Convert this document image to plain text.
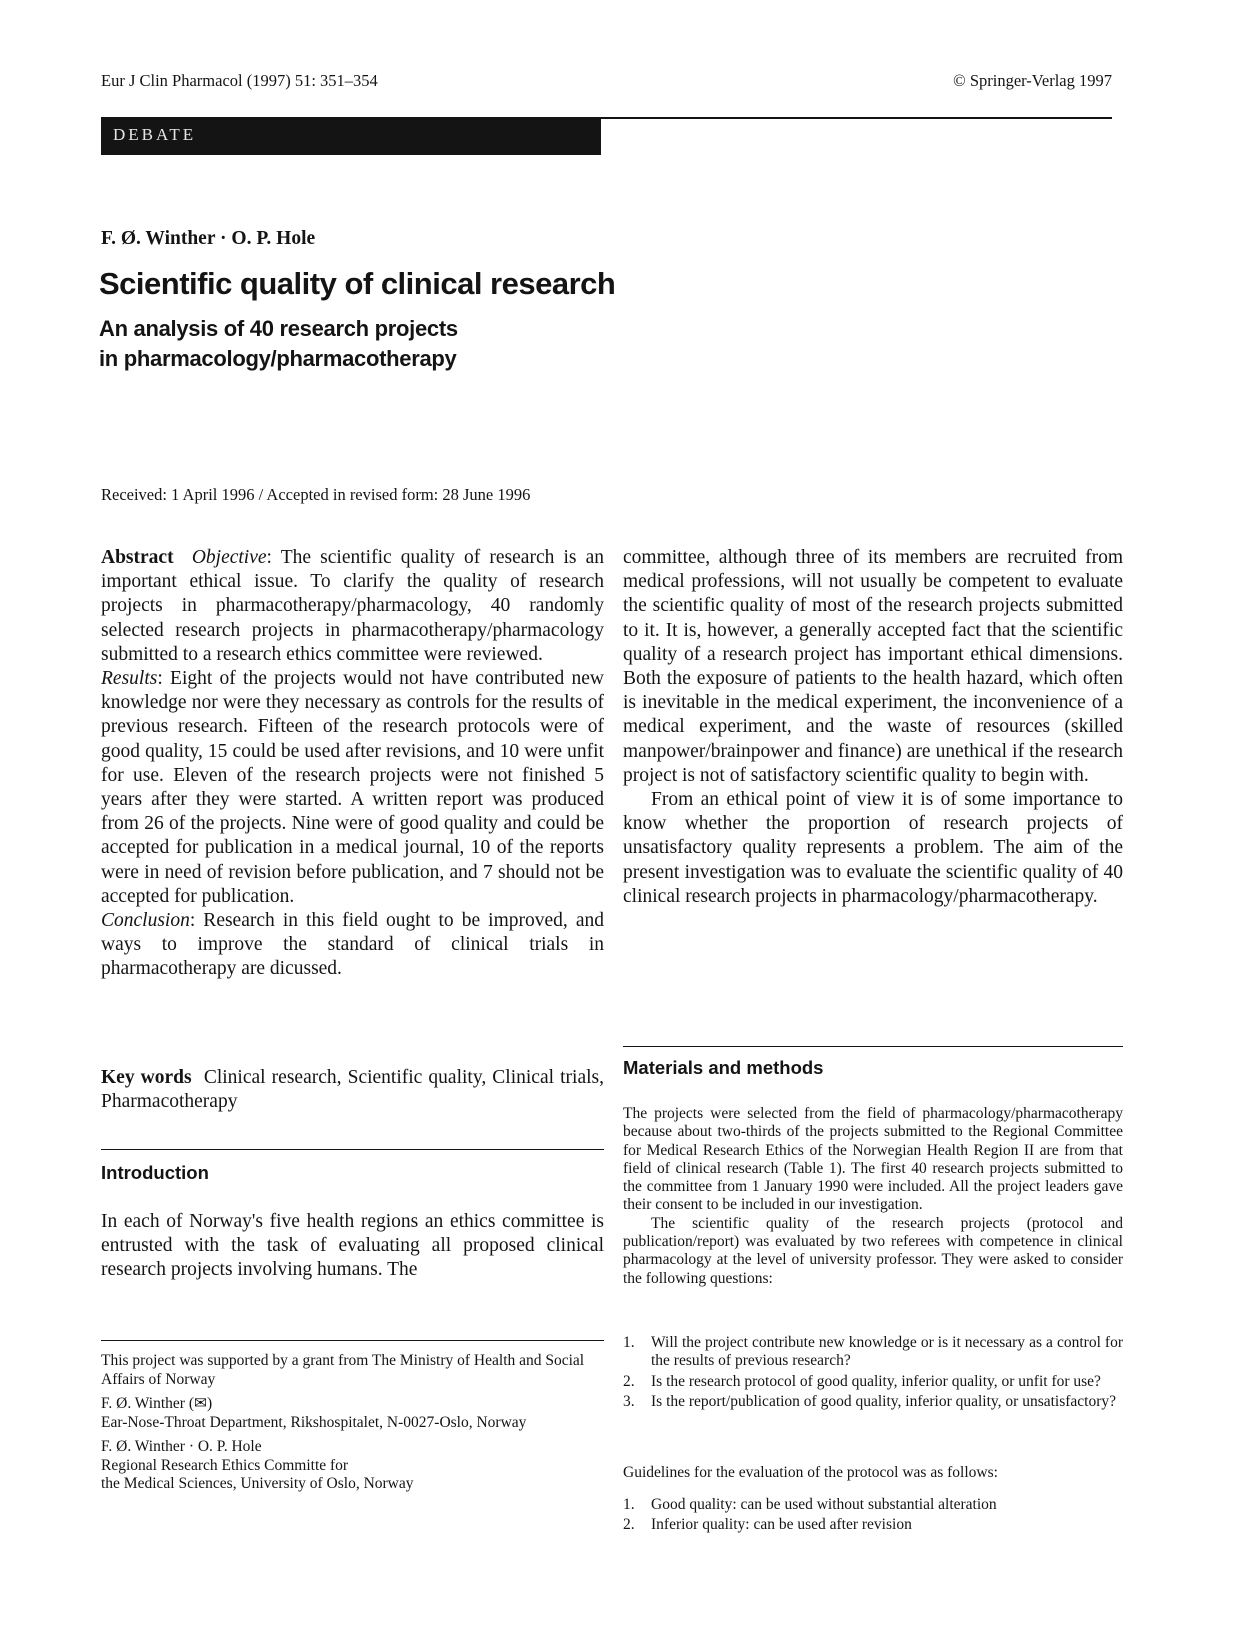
Eur J Clin Pharmacol (1997) 51: 351–354	© Springer-Verlag 1997
DEBATE
F. Ø. Winther · O. P. Hole
Scientific quality of clinical research
An analysis of 40 research projects
in pharmacology/pharmacotherapy
Received: 1 April 1996 / Accepted in revised form: 28 June 1996

Abstract Objective: The scientific quality of research is an important ethical issue. To clarify the quality of research projects in pharmacotherapy/pharmacology, 40 randomly selected research projects in pharmacotherapy/pharmacology submitted to a research ethics committee were reviewed.

Results: Eight of the projects would not have contributed new knowledge nor were they necessary as controls for the results of previous research. Fifteen of the research protocols were of good quality, 15 could be used after revisions, and 10 were unfit for use. Eleven of the research projects were not finished 5 years after they were started. A written report was produced from 26 of the projects. Nine were of good quality and could be accepted for publication in a medical journal, 10 of the reports were in need of revision before publication, and 7 should not be accepted for publication.

Conclusion: Research in this field ought to be improved, and ways to improve the standard of clinical trials in pharmacotherapy are dicussed.

Key words Clinical research, Scientific quality, Clinical trials, Pharmacotherapy
Introduction
In each of Norway's five health regions an ethics committee is entrusted with the task of evaluating all proposed clinical research projects involving humans. The

This project was supported by a grant from The Ministry of Health and Social Affairs of Norway

F. Ø. Winther (✉)
Ear-Nose-Throat Department, Rikshospitalet, N-0027-Oslo, Norway

F. Ø. Winther · O. P. Hole
Regional Research Ethics Committe for
the Medical Sciences, University of Oslo, Norway

committee, although three of its members are recruited from medical professions, will not usually be competent to evaluate the scientific quality of most of the research projects submitted to it. It is, however, a generally accepted fact that the scientific quality of a research project has important ethical dimensions. Both the exposure of patients to the health hazard, which often is inevitable in the medical experiment, the inconvenience of a medical experiment, and the waste of resources (skilled manpower/brainpower and finance) are unethical if the research project is not of satisfactory scientific quality to begin with.

From an ethical point of view it is of some importance to know whether the proportion of research projects of unsatisfactory quality represents a problem. The aim of the present investigation was to evaluate the scientific quality of 40 clinical research projects in pharmacology/pharmacotherapy.

Materials and methods

The projects were selected from the field of pharmacology/pharmacotherapy because about two-thirds of the projects submitted to the Regional Committee for Medical Research Ethics of the Norwegian Health Region II are from that field of clinical research (Table 1). The first 40 research projects submitted to the committee from 1 January 1990 were included. All the project leaders gave their consent to be included in our investigation.

The scientific quality of the research projects (protocol and publication/report) was evaluated by two referees with competence in clinical pharmacology at the level of university professor. They were asked to consider the following questions:

1. Will the project contribute new knowledge or is it necessary as a control for the results of previous research?
2. Is the research protocol of good quality, inferior quality, or unfit for use?
3. Is the report/publication of good quality, inferior quality, or unsatisfactory?
Guidelines for the evaluation of the protocol was as follows:
1. Good quality: can be used without substantial alteration
2. Inferior quality: can be used after revision
